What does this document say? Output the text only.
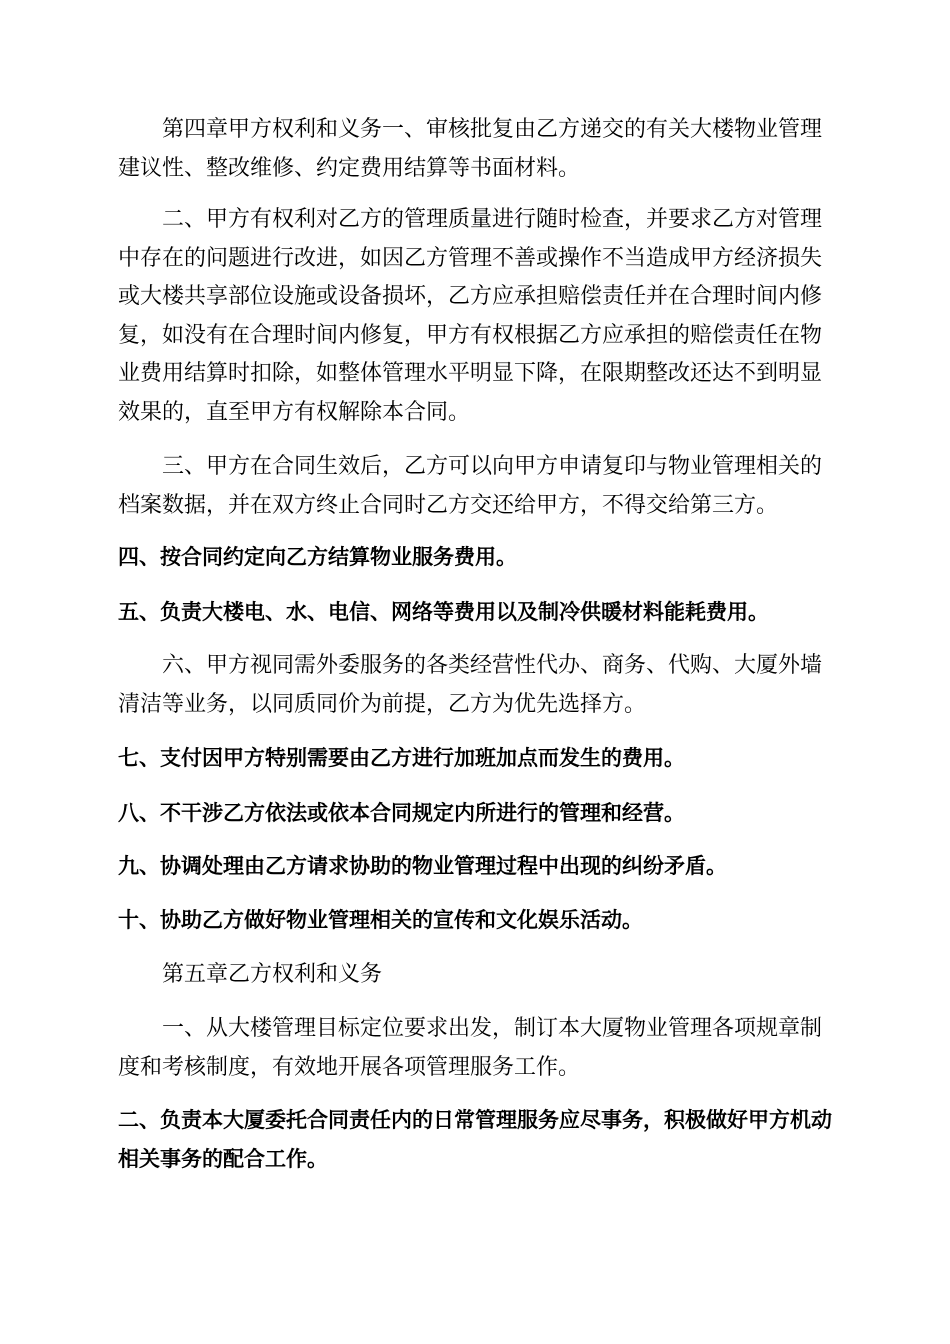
第四章甲方权利和义务一、审核批复由乙方递交的有关大楼物业管理建议性、整改维修、约定费用结算等书面材料。

二、甲方有权利对乙方的管理质量进行随时检查，并要求乙方对管理中存在的问题进行改进，如因乙方管理不善或操作不当造成甲方经济损失或大楼共享部位设施或设备损坏，乙方应承担赔偿责任并在合理时间内修复，如没有在合理时间内修复，甲方有权根据乙方应承担的赔偿责任在物业费用结算时扣除，如整体管理水平明显下降，在限期整改还达不到明显效果的，直至甲方有权解除本合同。

三、甲方在合同生效后，乙方可以向甲方申请复印与物业管理相关的档案数据，并在双方终止合同时乙方交还给甲方，不得交给第三方。

四、按合同约定向乙方结算物业服务费用。

五、负责大楼电、水、电信、网络等费用以及制冷供暖材料能耗费用。

六、甲方视同需外委服务的各类经营性代办、商务、代购、大厦外墙清洁等业务，以同质同价为前提，乙方为优先选择方。

七、支付因甲方特别需要由乙方进行加班加点而发生的费用。

八、不干涉乙方依法或依本合同规定内所进行的管理和经营。

九、协调处理由乙方请求协助的物业管理过程中出现的纠纷矛盾。

十、协助乙方做好物业管理相关的宣传和文化娱乐活动。

第五章乙方权利和义务

一、从大楼管理目标定位要求出发，制订本大厦物业管理各项规章制度和考核制度，有效地开展各项管理服务工作。

二、负责本大厦委托合同责任内的日常管理服务应尽事务，积极做好甲方机动相关事务的配合工作。
